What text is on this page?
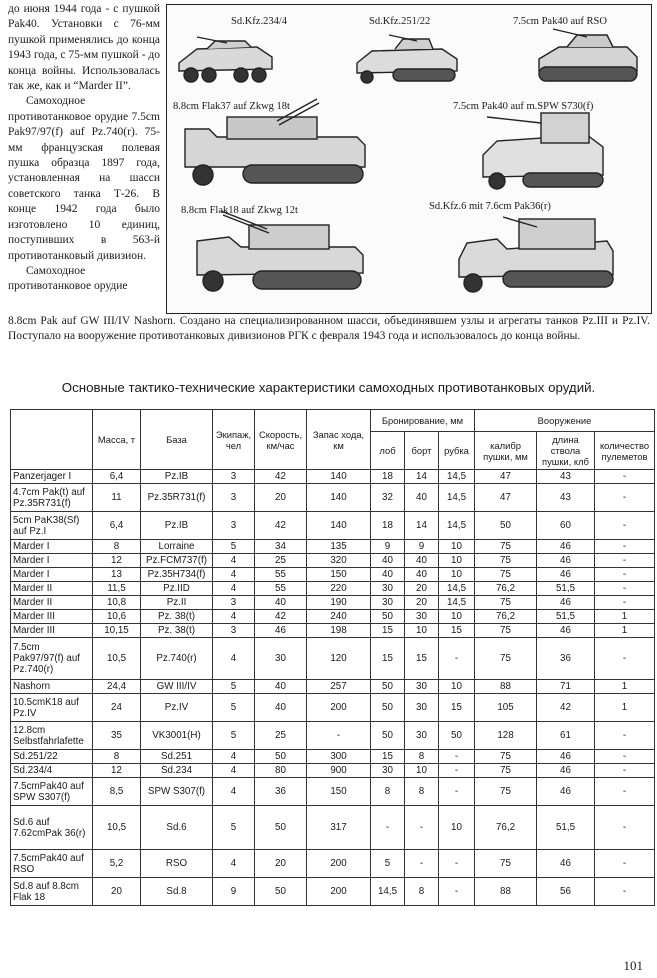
до июня 1944 года - с пушкой Pak40. Установки с 76-мм пушкой применялись до конца 1943 года, с 75-мм пушкой - до конца войны. Использовалась так же, как и “Marder II”.

Самоходное противотанковое орудие 7.5cm Pak97/97(f) auf Pz.740(r). 75-мм французская полевая пушка образца 1897 года, установленная на шасси советского танка Т-26. В конце 1942 года было изготовлено 10 единиц, поступивших в 563-й противотанковый дивизион.

Самоходное противотанковое орудие

Sd.Kfz.234/4	Sd.Kfz.251/22	7.5cm Pak40 auf RSO
8.8cm Flak37 auf Zkwg 18t	7.5cm Pak40 auf m.SPW S730(f)
Sd.Kfz.6 mit 7.6cm Pak36(r)
8.8cm Flak18 auf Zkwg 12t

8.8cm Pak auf GW III/IV Nashorn. Создано на специализированном шасси, объединявшем узлы и агрегаты танков Pz.III и Pz.IV. Поступало на вооружение противотанковых дивизионов РГК с февраля 1943 года и использовалось до конца войны.

Основные тактико-технические характеристики самоходных противотанковых орудий.
	Масса, т	База	Экипаж, чел	Скорость, км/час	Запас хода, км	Бронирование, мм			Вооружение		
						лоб	борт	рубка	калибр пушки, мм	длина ствола пушки, клб	количество пулеметов
Panzerjager I	6,4	Pz.IB	3	42	140	18	14	14,5	47	43	-
4.7cm Pak(t) auf Pz.35R731(f)	11	Pz.35R731(f)	3	20	140	32	40	14,5	47	43	-
5cm PaK38(Sf) auf Pz.I	6,4	Pz.IB	3	42	140	18	14	14,5	50	60	-
Marder I	8	Lorraine	5	34	135	9	9	10	75	46	-
Marder I	12	Pz.FCM737(f)	4	25	320	40	40	10	75	46	-
Marder I	13	Pz.35H734(f)	4	55	150	40	40	10	75	46	-
Marder II	11,5	Pz.IID	4	55	220	30	20	14,5	76,2	51,5	-
Marder II	10,8	Pz.II	3	40	190	30	20	14,5	75	46	-
Marder III	10,6	Pz. 38(t)	4	42	240	50	30	10	76,2	51,5	1
Marder III	10,15	Pz. 38(t)	3	46	198	15	10	15	75	46	1
7.5cm Pak97/97(f) auf Pz.740(r)	10,5	Pz.740(r)	4	30	120	15	15	-	75	36	-
Nashorn	24,4	GW III/IV	5	40	257	50	30	10	88	71	1
10.5cmK18 auf Pz.IV	24	Pz.IV	5	40	200	50	30	15	105	42	1
12.8cm Selbstfahrlafette	35	VK3001(H)	5	25	-	50	30	50	128	61	-
Sd.251/22	8	Sd.251	4	50	300	15	8	-	75	46	-
Sd.234/4	12	Sd.234	4	80	900	30	10	-	75	46	-
7.5cmPak40 auf SPW S307(f)	8,5	SPW S307(f)	4	36	150	8	8	-	75	46	-
Sd.6 auf 7.62cmPak 36(r)	10,5	Sd.6	5	50	317	-	-	10	76,2	51,5	-
7.5cmPak40 auf RSO	5,2	RSO	4	20	200	5	-	-	75	46	-
Sd.8 auf 8.8cm Flak 18	20	Sd.8	9	50	200	14,5	8	-	88	56	-
101
